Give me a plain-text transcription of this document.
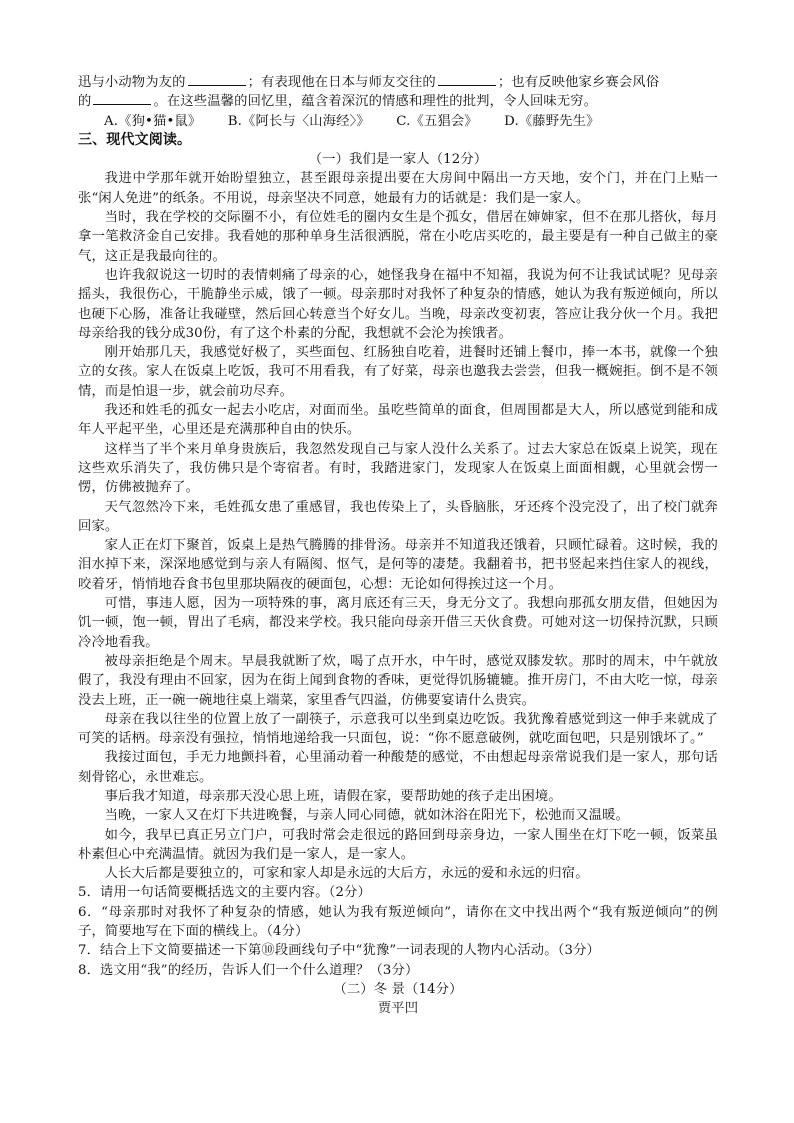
迅与小动物为友的	；有表现他在日本与师友交往的	；也有反映他家乡赛会风俗

的	。在这些温馨的回忆里，蕴含着深沉的情感和理性的批判，令人回味无穷。

A.《狗•猫•鼠》 B.《阿长与〈山海经〉》 C.《五猖会》 D.《藤野先生》

三、现代文阅读。

（一）我们是一家人（12分）

我进中学那年就开始盼望独立，甚至跟母亲提出要在大房间中隔出一方天地，安个门，并在门上贴一张“闲人免进”的纸条。不用说，母亲坚决不同意，她最有力的话就是：我们是一家人。

当时，我在学校的交际圈不小，有位姓毛的圈内女生是个孤女，借居在婶婶家，但不在那儿搭伙，每月拿一笔救济金自己安排。我看她的那种单身生活很洒脱，常在小吃店买吃的，最主要是有一种自己做主的豪气，这正是我最向往的。

也许我叙说这一切时的表情刺痛了母亲的心，她怪我身在福中不知福，我说为何不让我试试呢？见母亲摇头，我很伤心，干脆静坐示威，饿了一顿。母亲那时对我怀了种复杂的情感，她认为我有叛逆倾向，所以也硬下心肠，准备让我碰壁，然后回心转意当个好女儿。当晚，母亲改变初衷，答应让我分伙一个月。我把母亲给我的钱分成30份，有了这个朴素的分配，我想就不会沦为挨饿者。

刚开始那几天，我感觉好极了，买些面包、红肠独自吃着，进餐时还铺上餐巾，捧一本书，就像一个独立的女孩。家人在饭桌上吃饭，我可不用看我，有了好菜，母亲也邀我去尝尝，但我一概婉拒。倒不是不领情，而是怕退一步，就会前功尽弃。

我还和姓毛的孤女一起去小吃店，对面而坐。虽吃些简单的面食，但周围都是大人，所以感觉到能和成年人平起平坐，心里还是充满那种自由的快乐。

这样当了半个来月单身贵族后，我忽然发现自己与家人没什么关系了。过去大家总在饭桌上说笑，现在这些欢乐消失了，我仿佛只是个寄宿者。有时，我踏进家门，发现家人在饭桌上面面相觑，心里就会愣一愣，仿佛被抛弃了。

天气忽然冷下来，毛姓孤女患了重感冒，我也传染上了，头昏脑胀，牙还疼个没完没了，出了校门就奔回家。

家人正在灯下聚首，饭桌上是热气腾腾的排骨汤。母亲并不知道我还饿着，只顾忙碌着。这时候，我的泪水掉下来，深深地感觉到与亲人有隔阂、怄气，是何等的凄楚。我翻着书，把书竖起来挡住家人的视线，咬着牙，悄悄地吞食书包里那块隔夜的硬面包，心想：无论如何得挨过这一个月。

可惜，事违人愿，因为一项特殊的事，离月底还有三天，身无分文了。我想向那孤女朋友借，但她因为饥一顿，饱一顿，胃出了毛病，都没来学校。我只能向母亲开借三天伙食费。可她对这一切保持沉默，只顾冷冷地看我。

被母亲拒绝是个周末。早晨我就断了炊，喝了点开水，中午时，感觉双膝发软。那时的周末，中午就放假了，我没有理由不回家，因为在街上闻到食物的香味，更觉得饥肠辘辘。推开房门，不由大吃一惊，母亲没去上班，正一碗一碗地往桌上端菜，家里香气四溢，仿佛要宴请什么贵宾。

母亲在我以往坐的位置上放了一副筷子，示意我可以坐到桌边吃饭。我犹豫着感觉到这一伸手来就成了可笑的话柄。母亲没有强拉，悄悄地递给我一只面包，说：“你不愿意破例，就吃面包吧，只是别饿坏了。”

我接过面包，手无力地颤抖着，心里涌动着一种酸楚的感觉，不由想起母亲常说我们是一家人，那句话刻骨铭心，永世难忘。

事后我才知道，母亲那天没心思上班，请假在家，要帮助她的孩子走出困境。

当晚，一家人又在灯下共进晚餐，与亲人同心同德，就如沐浴在阳光下，松弛而又温暖。

如今，我早已真正另立门户，可我时常会走很远的路回到母亲身边，一家人围坐在灯下吃一顿，饭菜虽朴素但心中充满温情。就因为我们是一家人，是一家人。

人长大后都是要独立的，可家和家人却是永远的大后方，永远的爱和永远的归宿。

5．请用一句话简要概括选文的主要内容。（2分）

6．“母亲那时对我怀了种复杂的情感，她认为我有叛逆倾向”，请你在文中找出两个“我有叛逆倾向”的例子，简要地写在下面的横线上。（4分）

7．结合上下文简要描述一下第⑩段画线句子中“犹豫”一词表现的人物内心活动。（3分）

8．选文用“我”的经历，告诉人们一个什么道理？（3分）

（二）冬 景（14分）

贾平凹
